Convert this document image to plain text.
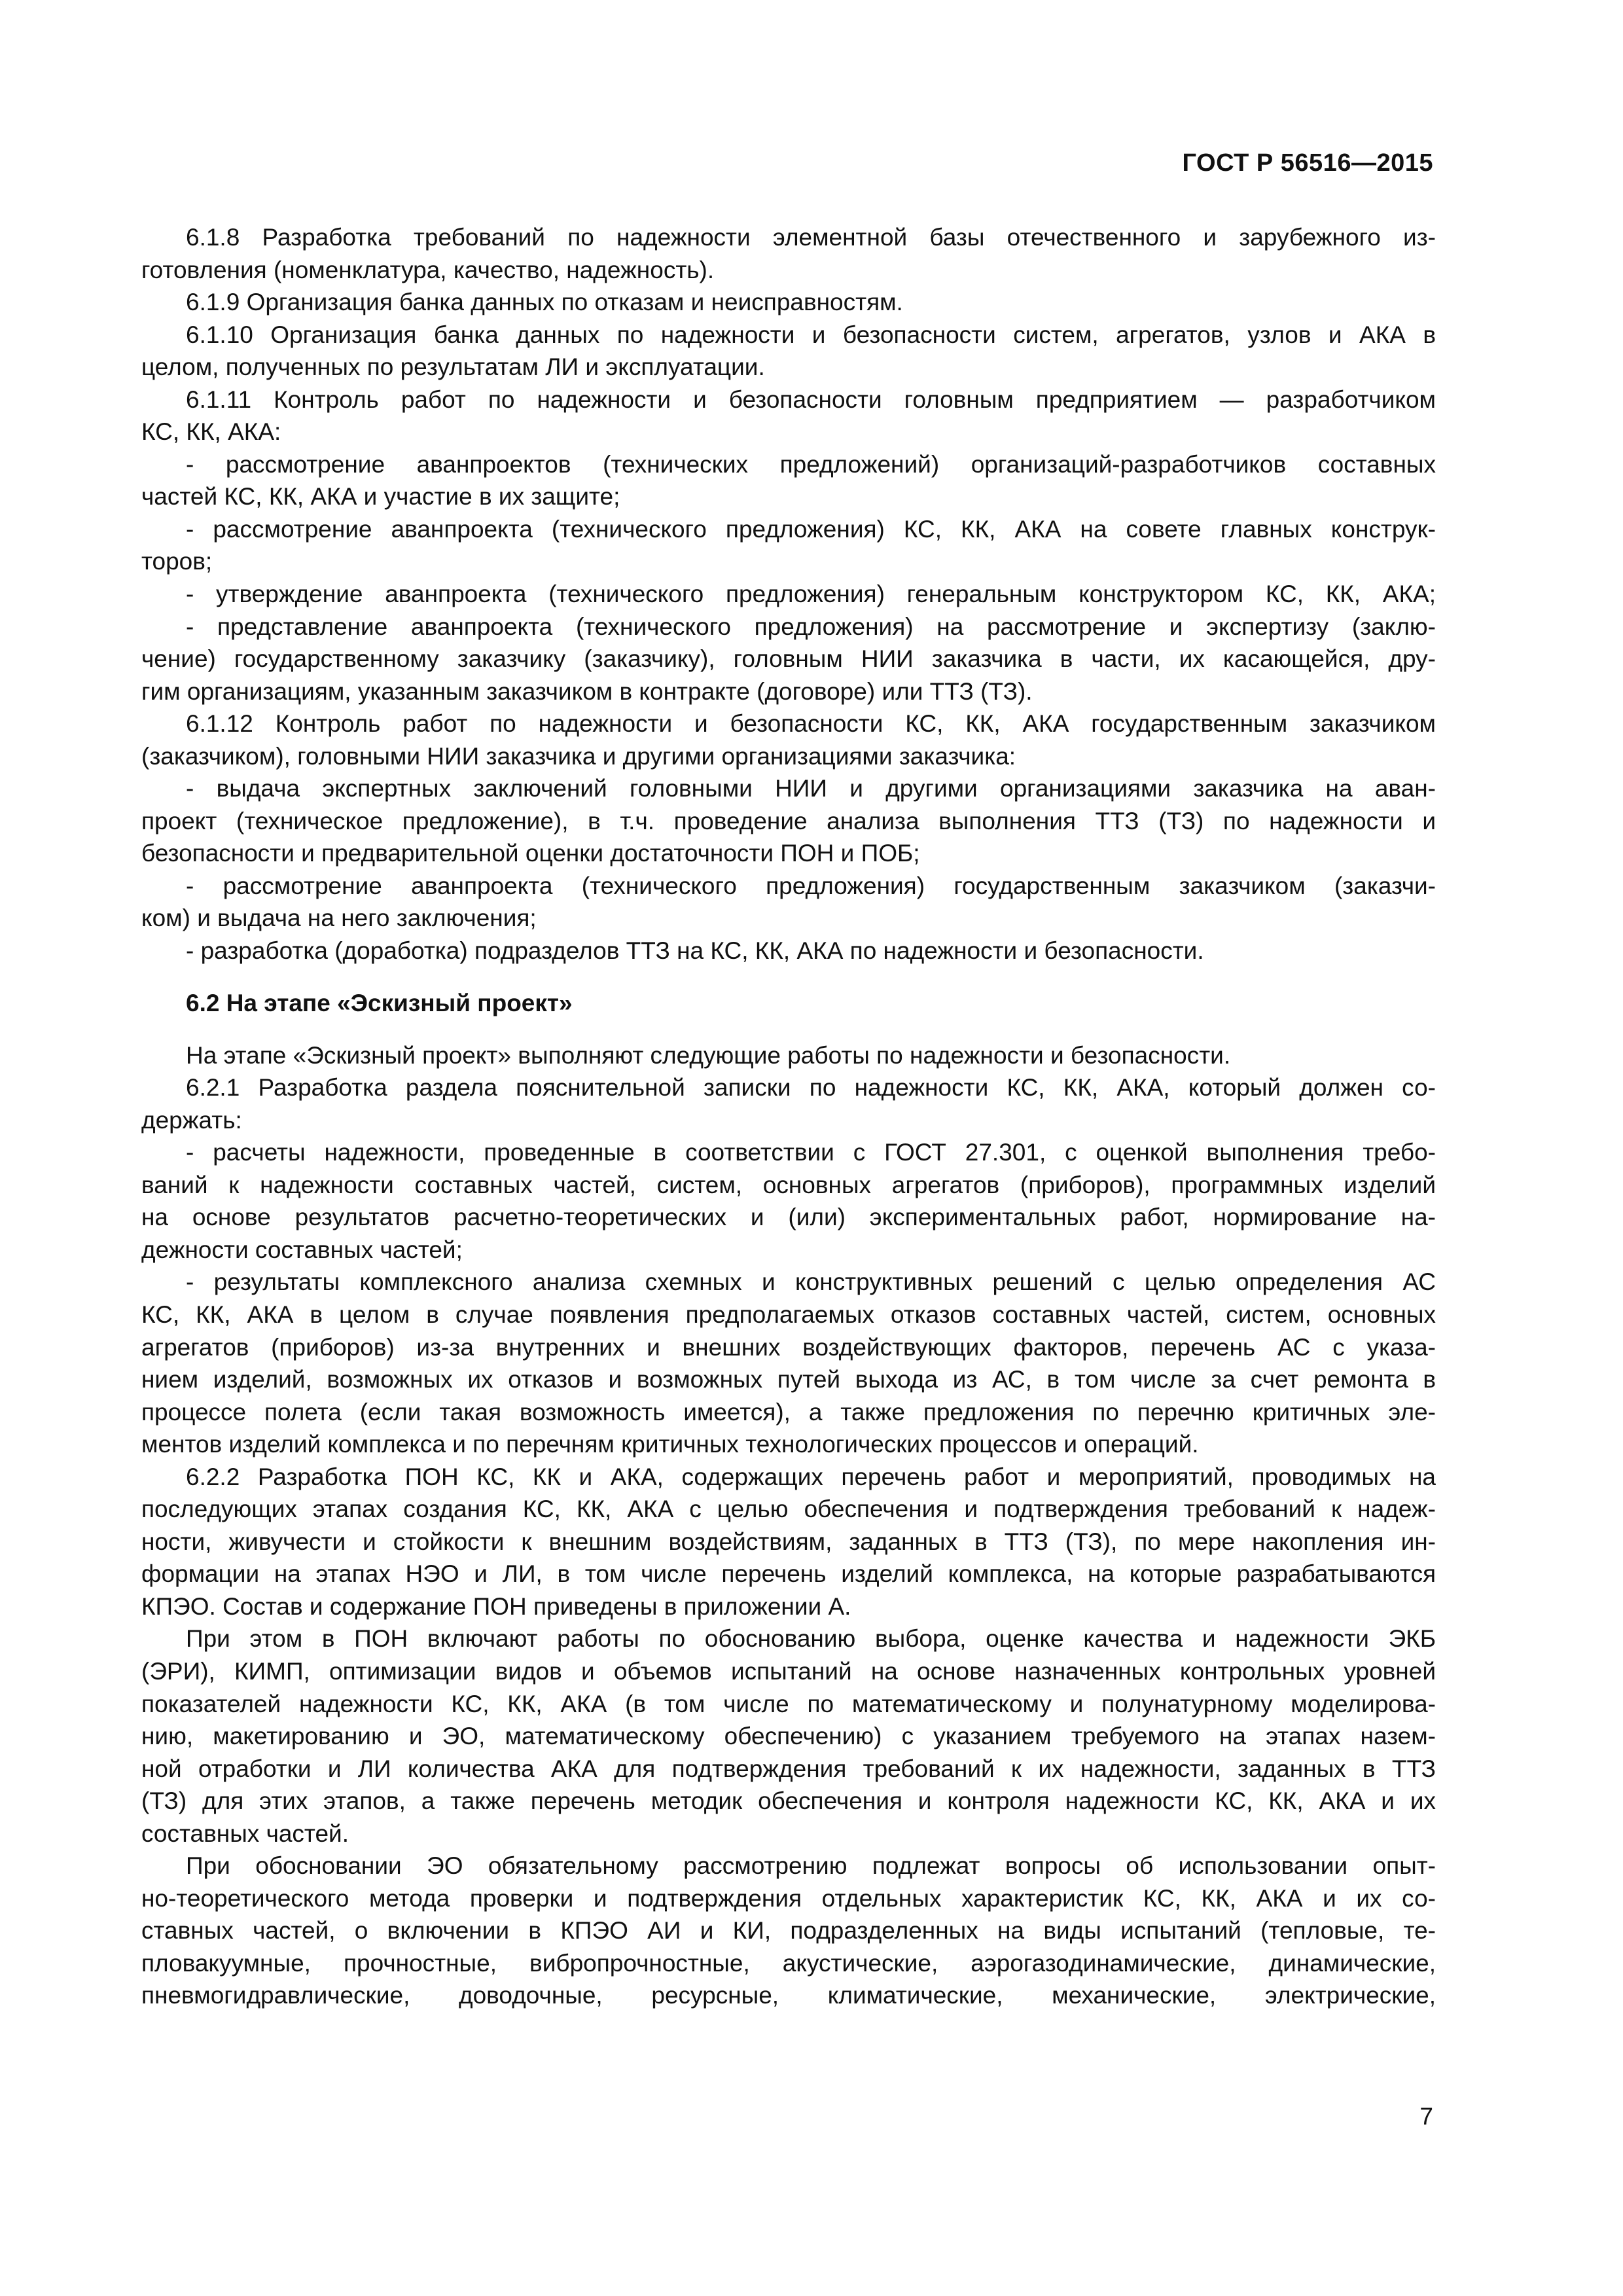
ГОСТ Р 56516—2015
6.1.8 Разработка требований по надежности элементной базы отечественного и зарубежного из-
готовления (номенклатура, качество, надежность).
6.1.9 Организация банка данных по отказам и неисправностям.
6.1.10 Организация банка данных по надежности и безопасности систем, агрегатов, узлов и АКА в
целом, полученных по результатам ЛИ и эксплуатации.
6.1.11 Контроль работ по надежности и безопасности головным предприятием — разработчиком
КС, КК, АКА:
- рассмотрение аванпроектов (технических предложений) организаций-разработчиков составных
частей КС, КК, АКА и участие в их защите;
- рассмотрение аванпроекта (технического предложения) КС, КК, АКА на совете главных конструк-
торов;
- утверждение аванпроекта (технического предложения) генеральным конструктором КС, КК, АКА;
- представление аванпроекта (технического предложения) на рассмотрение и экспертизу (заклю-
чение) государственному заказчику (заказчику), головным НИИ заказчика в части, их касающейся, дру-
гим организациям, указанным заказчиком в контракте (договоре) или ТТЗ (ТЗ).
6.1.12 Контроль работ по надежности и безопасности КС, КК, АКА государственным заказчиком
(заказчиком), головными НИИ заказчика и другими организациями заказчика:
- выдача экспертных заключений головными НИИ и другими организациями заказчика на аван-
проект (техническое предложение), в т.ч. проведение анализа выполнения ТТЗ (ТЗ) по надежности и
безопасности и предварительной оценки достаточности ПОН и ПОБ;
- рассмотрение аванпроекта (технического предложения) государственным заказчиком (заказчи-
ком) и выдача на него заключения;
- разработка (доработка) подразделов ТТЗ на КС, КК, АКА по надежности и безопасности.
6.2 На этапе «Эскизный проект»
На этапе «Эскизный проект» выполняют следующие работы по надежности и безопасности.
6.2.1 Разработка раздела пояснительной записки по надежности КС, КК, АКА, который должен со-
держать:
- расчеты надежности, проведенные в соответствии с ГОСТ 27.301, с оценкой выполнения требо-
ваний к надежности составных частей, систем, основных агрегатов (приборов), программных изделий
на основе результатов расчетно-теоретических и (или) экспериментальных работ, нормирование на-
дежности составных частей;
- результаты комплексного анализа схемных и конструктивных решений с целью определения АС
КС, КК, АКА в целом в случае появления предполагаемых отказов составных частей, систем, основных
агрегатов (приборов) из-за внутренних и внешних воздействующих факторов, перечень АС с указа-
нием изделий, возможных их отказов и возможных путей выхода из АС, в том числе за счет ремонта в
процессе полета (если такая возможность имеется), а также предложения по перечню критичных эле-
ментов изделий комплекса и по перечням критичных технологических процессов и операций.
6.2.2 Разработка ПОН КС, КК и АКА, содержащих перечень работ и мероприятий, проводимых на
последующих этапах создания КС, КК, АКА с целью обеспечения и подтверждения требований к надеж-
ности, живучести и стойкости к внешним воздействиям, заданных в ТТЗ (ТЗ), по мере накопления ин-
формации на этапах НЭО и ЛИ, в том числе перечень изделий комплекса, на которые разрабатываются
КПЭО. Состав и содержание ПОН приведены в приложении А.
При этом в ПОН включают работы по обоснованию выбора, оценке качества и надежности ЭКБ
(ЭРИ), КИМП, оптимизации видов и объемов испытаний на основе назначенных контрольных уровней
показателей надежности КС, КК, АКА (в том числе по математическому и полунатурному моделирова-
нию, макетированию и ЭО, математическому обеспечению) с указанием требуемого на этапах назем-
ной отработки и ЛИ количества АКА для подтверждения требований к их надежности, заданных в ТТЗ
(ТЗ) для этих этапов, а также перечень методик обеспечения и контроля надежности КС, КК, АКА и их
составных частей.
При обосновании ЭО обязательному рассмотрению подлежат вопросы об использовании опыт-
но-теоретического метода проверки и подтверждения отдельных характеристик КС, КК, АКА и их со-
ставных частей, о включении в КПЭО АИ и КИ, подразделенных на виды испытаний (тепловые, те-
пловакуумные, прочностные, вибропрочностные, акустические, аэрогазодинамические, динамические,
пневмогидравлические, доводочные, ресурсные, климатические, механические, электрические,
7
